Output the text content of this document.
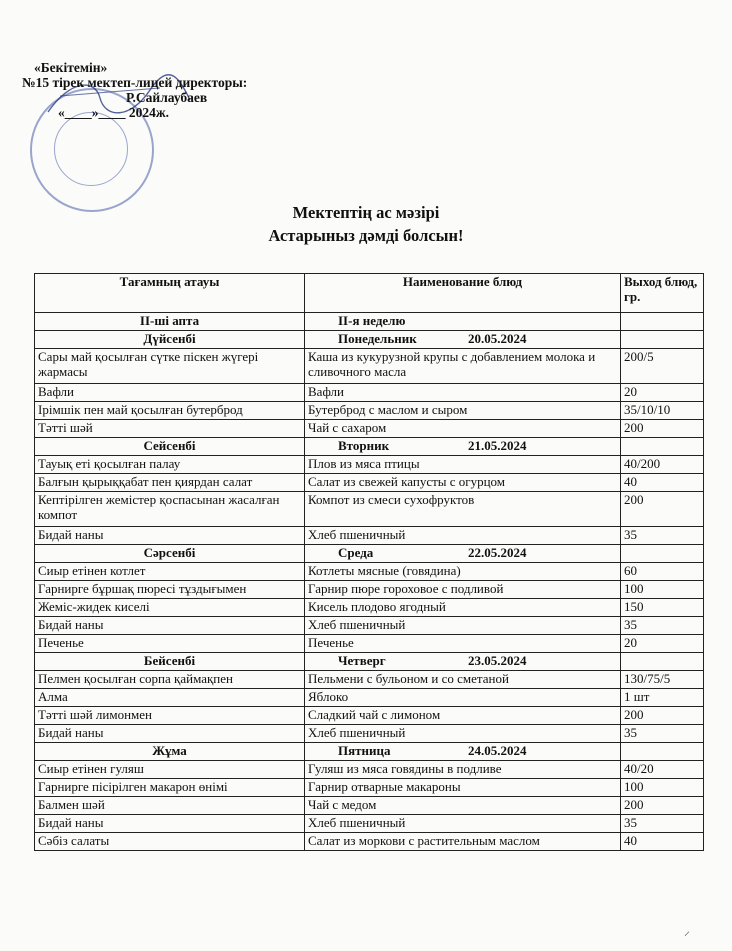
«Бекітемін»
№15 тірек мектеп-лицей директоры:
Р.Сайлаубаев
«____»____ 2024ж.
Мектептің ас мәзірі
Астарыныз дәмді болсын!
Тағамның атауы	Наименование блюд	Выход блюд, гр.
ІІ-ші апта	ІІ-я неделю	
Дүйсенбі	Понедельник 20.05.2024	
Сары май қосылған сүтке піскен жүгері жармасы	Каша из кукурузной крупы с добавлением молока и сливочного масла	200/5
Вафли	Вафли	20
Ірімшік пен май қосылған бутерброд	Бутерброд с маслом и сыром	35/10/10
Тәтті шәй	Чай с сахаром	200
Сейсенбі	Вторник 21.05.2024	
Тауық еті қосылған палау	Плов из мяса птицы	40/200
Балғын қырыққабат пен қиярдан салат	Салат из свежей капусты с огурцом	40
Кептірілген жемістер қоспасынан жасалған компот	Компот из смеси сухофруктов	200
Бидай наны	Хлеб пшеничный	35
Сәрсенбі	Среда 22.05.2024	
Сиыр етінен котлет	Котлеты мясные (говядина)	60
Гарнирге бұршақ пюресі тұздығымен	Гарнир пюре гороховое с подливой	100
Жеміс-жидек киселі	Кисель плодово ягодный	150
Бидай наны	Хлеб пшеничный	35
Печенье	Печенье	20
Бейсенбі	Четверг 23.05.2024	
Пелмен қосылған сорпа қаймақпен	Пельмени с бульоном и со сметаной	130/75/5
Алма	Яблоко	1 шт
Тәтті шәй лимонмен	Сладкий чай с лимоном	200
Бидай наны	Хлеб пшеничный	35
Жұма	Пятница 24.05.2024	
Сиыр етінен гуляш	Гуляш из мяса говядины в подливе	40/20
Гарнирге пісірілген макарон өнімі	Гарнир отварные макароны	100
Балмен шәй	Чай с медом	200
Бидай наны	Хлеб пшеничный	35
Сәбіз салаты	Салат из моркови с растительным маслом	40
⸝
